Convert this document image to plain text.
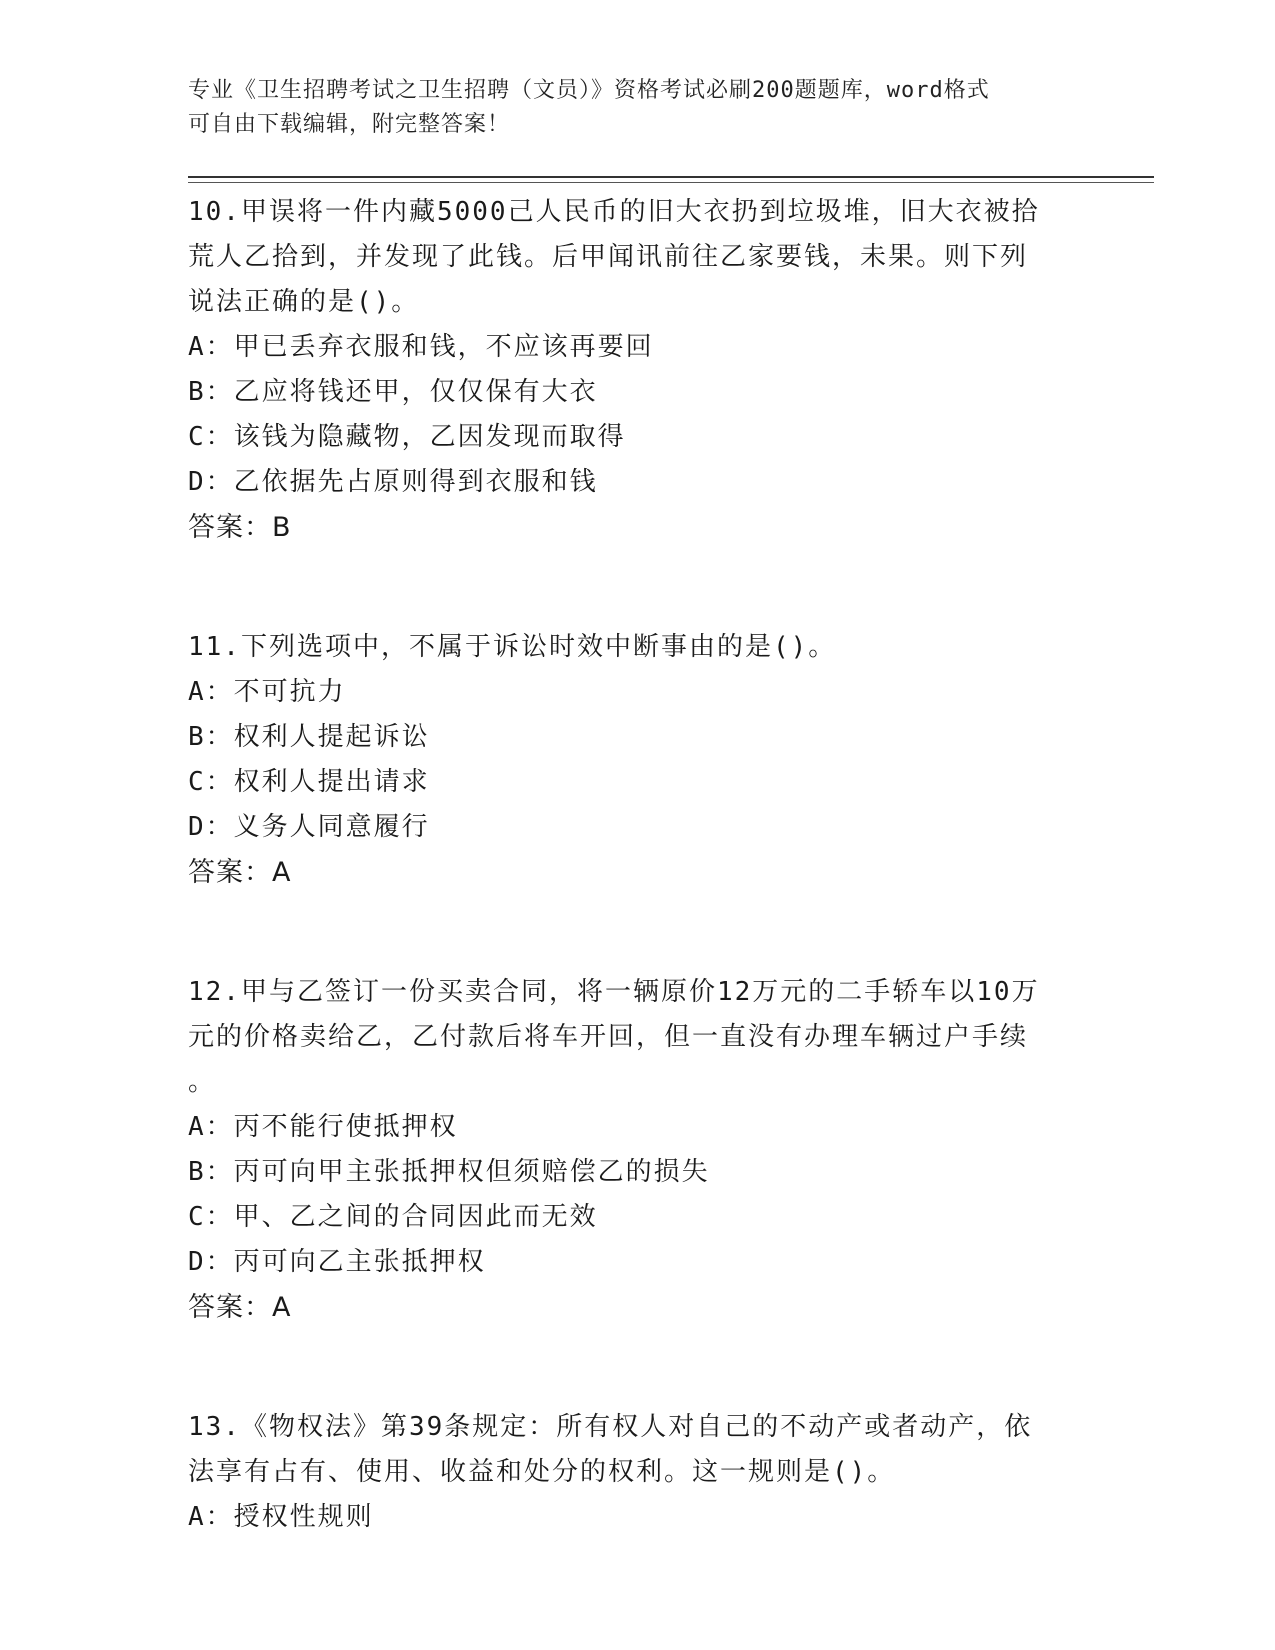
专业《卫生招聘考试之卫生招聘（文员）》资格考试必刷200题题库，word格式
可自由下载编辑，附完整答案！
10.甲误将一件内藏5000己人民币的旧大衣扔到垃圾堆，旧大衣被拾
荒人乙拾到，并发现了此钱。后甲闻讯前往乙家要钱，未果。则下列
说法正确的是()。
A：甲已丢弃衣服和钱，不应该再要回
B：乙应将钱还甲，仅仅保有大衣
C：该钱为隐藏物，乙因发现而取得
D：乙依据先占原则得到衣服和钱
答案：B
11.下列选项中，不属于诉讼时效中断事由的是()。
A：不可抗力
B：权利人提起诉讼
C：权利人提出请求
D：义务人同意履行
答案：A
12.甲与乙签订一份买卖合同，将一辆原价12万元的二手轿车以10万
元的价格卖给乙，乙付款后将车开回，但一直没有办理车辆过户手续
。
A：丙不能行使抵押权
B：丙可向甲主张抵押权但须赔偿乙的损失
C：甲、乙之间的合同因此而无效
D：丙可向乙主张抵押权
答案：A
13.《物权法》第39条规定：所有权人对自己的不动产或者动产，依
法享有占有、使用、收益和处分的权利。这一规则是()。
A：授权性规则
